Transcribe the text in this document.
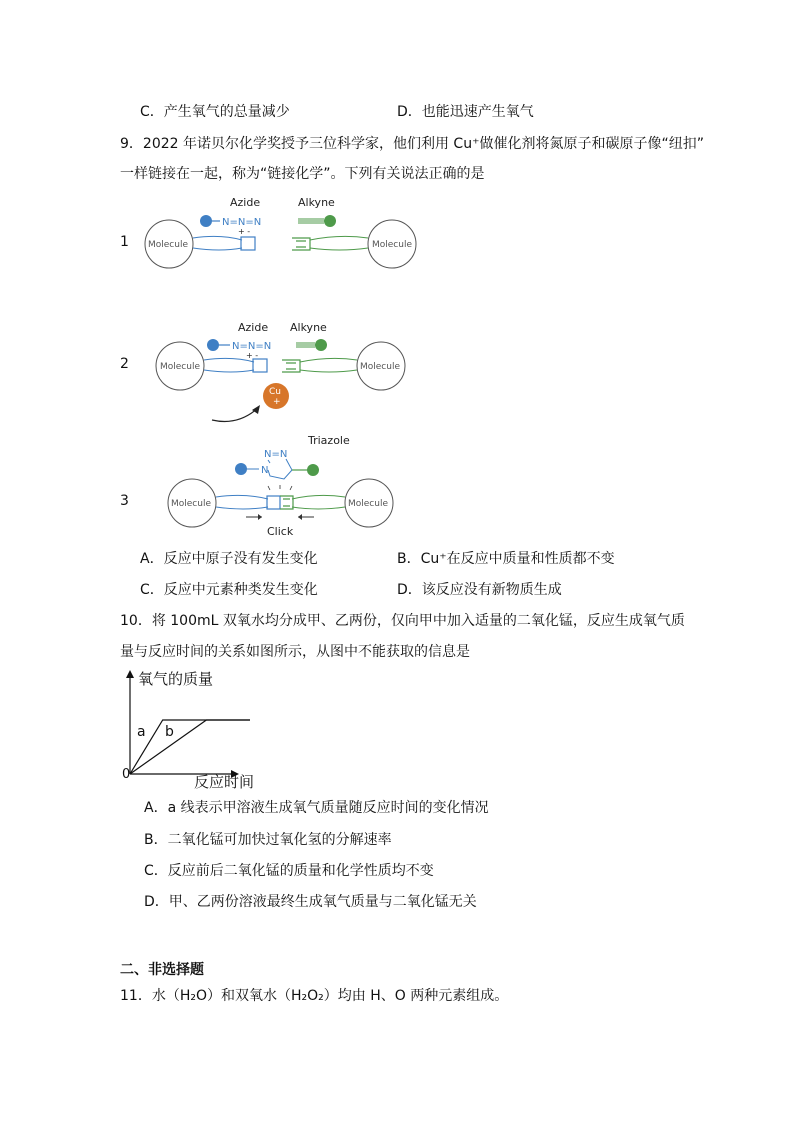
C．产生氧气的总量减少	D．也能迅速产生氧气
9．2022 年诺贝尔化学奖授予三位科学家，他们利用 Cu⁺做催化剂将氮原子和碳原子像“纽扣”
一样链接在一起，称为“链接化学”。下列有关说法正确的是
1
2
3
Azide	Alkyne
N=N=N
+ -
Molecule	Molecule
Azide Alkyne
N=N=N
+ -
Molecule	Molecule
Cu
+
Triazole
N
N=N
Molecule	Molecule
Click
A．反应中原子没有发生变化	B．Cu⁺在反应中质量和性质都不变
C．反应中元素种类发生变化	D．该反应没有新物质生成
10．将 100mL 双氧水均分成甲、乙两份，仅向甲中加入适量的二氧化锰，反应生成氧气质
量与反应时间的关系如图所示，从图中不能获取的信息是
氧气的质量
0	反应时间
a b
A．a 线表示甲溶液生成氧气质量随反应时间的变化情况
B．二氧化锰可加快过氧化氢的分解速率
C．反应前后二氧化锰的质量和化学性质均不变
D．甲、乙两份溶液最终生成氧气质量与二氧化锰无关
二、非选择题
11．水（H₂O）和双氧水（H₂O₂）均由 H、O 两种元素组成。
